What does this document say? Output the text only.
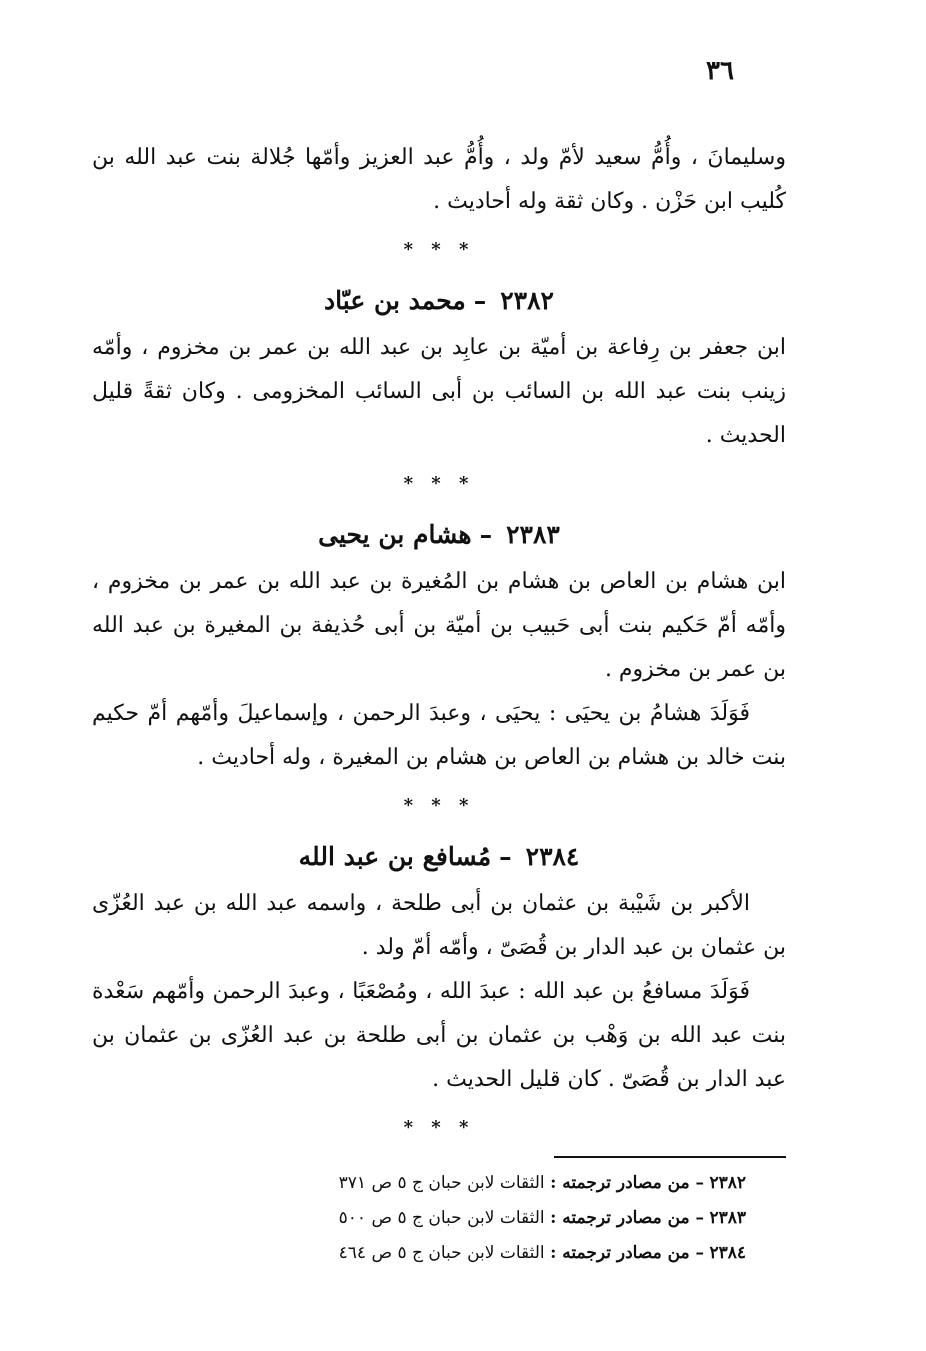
٣٦

وسليمانَ ، وأُمُّ سعيد لأمّ ولد ، وأُمُّ عبد العزيز وأمّها جُلالة بنت عبد الله بن كُليب ابن حَزْن . وكان ثقة وله أحاديث .

* * *
٢٣٨٢–محمد بن عبّاد

ابن جعفر بن رِفاعة بن أميّة بن عابِد بن عبد الله بن عمر بن مخزوم ، وأمّه زينب بنت عبد الله بن السائب بن أبى السائب المخزومى . وكان ثقةً قليل الحديث .

* * *
٢٣٨٣–هشام بن يحيى

ابن هشام بن العاص بن هشام بن المُغيرة بن عبد الله بن عمر بن مخزوم ، وأمّه أمّ حَكيم بنت أبى حَبيب بن أميّة بن أبى حُذيفة بن المغيرة بن عبد الله بن عمر بن مخزوم .

فَوَلَدَ هشامُ بن يحيَى : يحيَى ، وعبدَ الرحمن ، وإسماعيلَ وأمّهم أمّ حكيم بنت خالد بن هشام بن العاص بن هشام بن المغيرة ، وله أحاديث .

* * *
٢٣٨٤–مُسافع بن عبد الله

الأكبر بن شَيْبة بن عثمان بن أبى طلحة ، واسمه عبد الله بن عبد العُزّى بن عثمان بن عبد الدار بن قُصَىّ ، وأمّه أمّ ولد .

فَوَلَدَ مسافعُ بن عبد الله : عبدَ الله ، ومُصْعَبًا ، وعبدَ الرحمن وأمّهم سَعْدة بنت عبد الله بن وَهْب بن عثمان بن أبى طلحة بن عبد العُزّى بن عثمان بن عبد الدار بن قُصَىّ . كان قليل الحديث .

* * *
٢٣٨٢ – من مصادر ترجمته : الثقات لابن حبان ج ٥ ص ٣٧١
٢٣٨٣ – من مصادر ترجمته : الثقات لابن حبان ج ٥ ص ٥٠٠
٢٣٨٤ – من مصادر ترجمته : الثقات لابن حبان ج ٥ ص ٤٦٤
